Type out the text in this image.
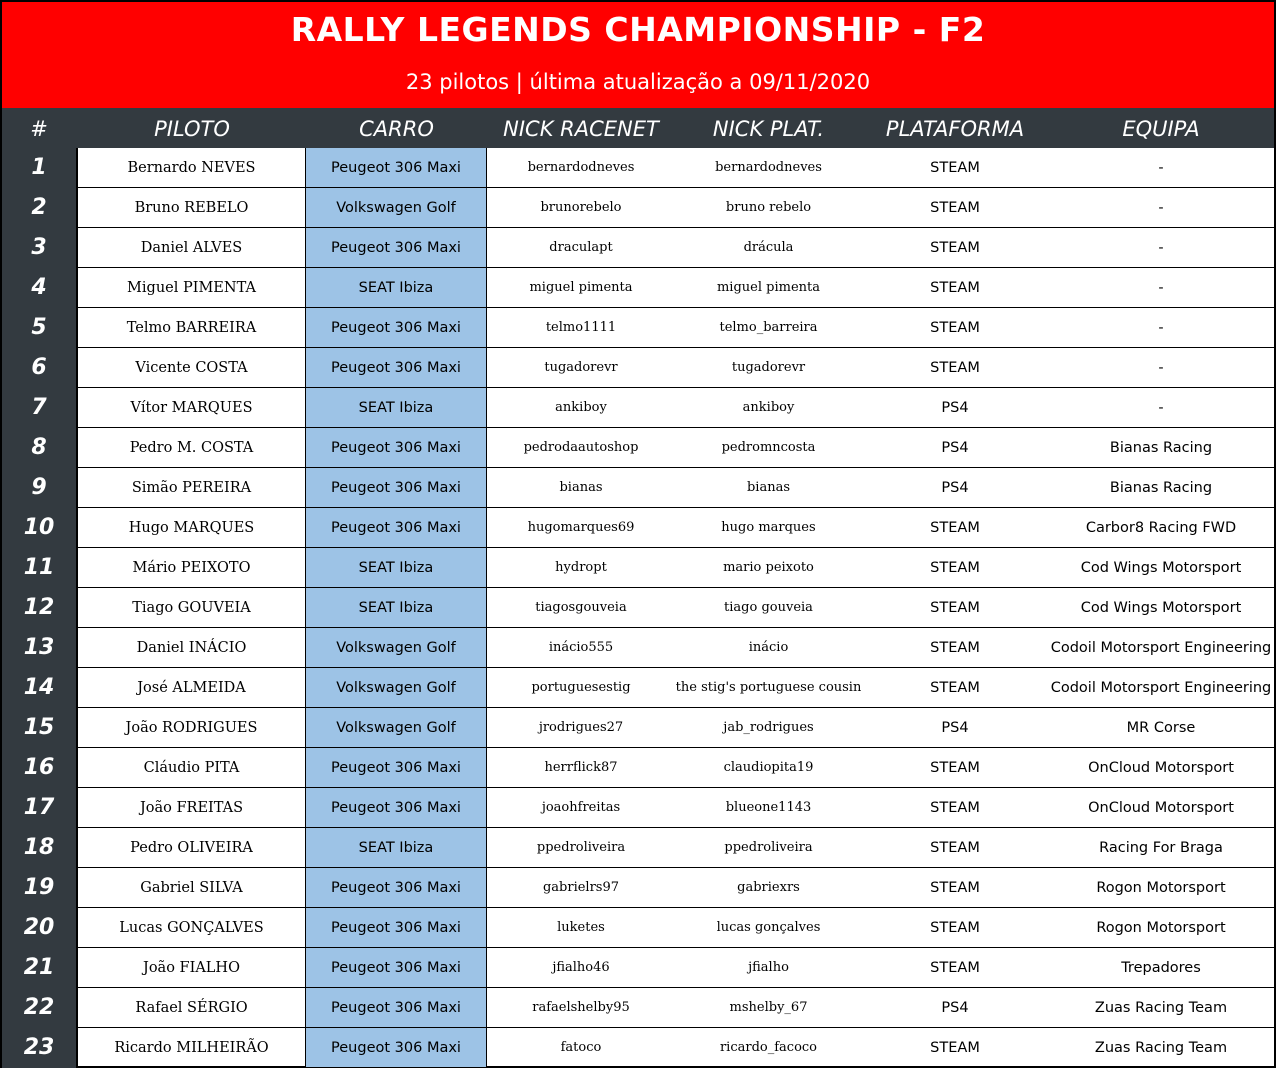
RALLY LEGENDS CHAMPIONSHIP - F2
23 pilotos | última atualização a 09/11/2020
#	PILOTO	CARRO	NICK RACENET	NICK PLAT.	PLATAFORMA	EQUIPA
1	Bernardo NEVES	Peugeot 306 Maxi	bernardodneves	bernardodneves	STEAM	-
2	Bruno REBELO	Volkswagen Golf	brunorebelo	bruno rebelo	STEAM	-
3	Daniel ALVES	Peugeot 306 Maxi	draculapt	drácula	STEAM	-
4	Miguel PIMENTA	SEAT Ibiza	miguel pimenta	miguel pimenta	STEAM	-
5	Telmo BARREIRA	Peugeot 306 Maxi	telmo1111	telmo_barreira	STEAM	-
6	Vicente COSTA	Peugeot 306 Maxi	tugadorevr	tugadorevr	STEAM	-
7	Vítor MARQUES	SEAT Ibiza	ankiboy	ankiboy	PS4	-
8	Pedro M. COSTA	Peugeot 306 Maxi	pedrodaautoshop	pedromncosta	PS4	Bianas Racing
9	Simão PEREIRA	Peugeot 306 Maxi	bianas	bianas	PS4	Bianas Racing
10	Hugo MARQUES	Peugeot 306 Maxi	hugomarques69	hugo marques	STEAM	Carbor8 Racing FWD
11	Mário PEIXOTO	SEAT Ibiza	hydropt	mario peixoto	STEAM	Cod Wings Motorsport
12	Tiago GOUVEIA	SEAT Ibiza	tiagosgouveia	tiago gouveia	STEAM	Cod Wings Motorsport
13	Daniel INÁCIO	Volkswagen Golf	inácio555	inácio	STEAM	Codoil Motorsport Engineering
14	José ALMEIDA	Volkswagen Golf	portuguesestig	the stig's portuguese cousin	STEAM	Codoil Motorsport Engineering
15	João RODRIGUES	Volkswagen Golf	jrodrigues27	jab_rodrigues	PS4	MR Corse
16	Cláudio PITA	Peugeot 306 Maxi	herrflick87	claudiopita19	STEAM	OnCloud Motorsport
17	João FREITAS	Peugeot 306 Maxi	joaohfreitas	blueone1143	STEAM	OnCloud Motorsport
18	Pedro OLIVEIRA	SEAT Ibiza	ppedroliveira	ppedroliveira	STEAM	Racing For Braga
19	Gabriel SILVA	Peugeot 306 Maxi	gabrielrs97	gabriexrs	STEAM	Rogon Motorsport
20	Lucas GONÇALVES	Peugeot 306 Maxi	luketes	lucas gonçalves	STEAM	Rogon Motorsport
21	João FIALHO	Peugeot 306 Maxi	jfialho46	jfialho	STEAM	Trepadores
22	Rafael SÉRGIO	Peugeot 306 Maxi	rafaelshelby95	mshelby_67	PS4	Zuas Racing Team
23	Ricardo MILHEIRÃO	Peugeot 306 Maxi	fatoco	ricardo_facoco	STEAM	Zuas Racing Team
